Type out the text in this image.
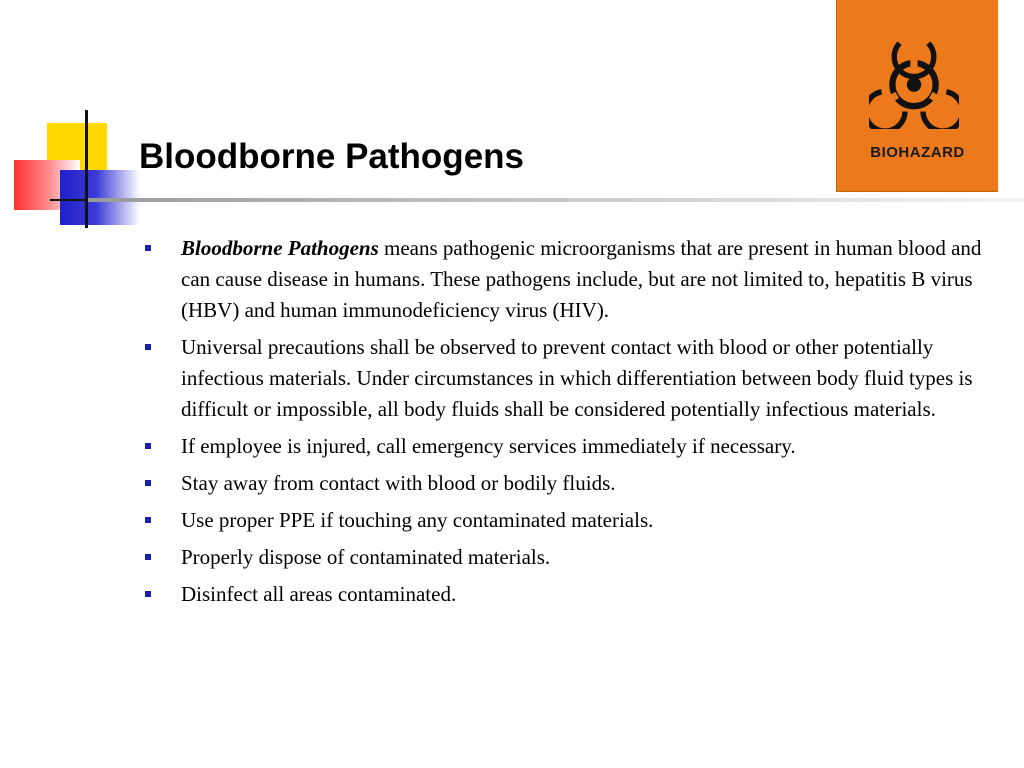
Bloodborne Pathogens	BIOHAZARD
Bloodborne Pathogens means pathogenic microorganisms that are present in human blood and can cause disease in humans. These pathogens include, but are not limited to, hepatitis B virus (HBV) and human immunodeficiency virus (HIV).
Universal precautions shall be observed to prevent contact with blood or other potentially infectious materials. Under circumstances in which differentiation between body fluid types is difficult or impossible, all body fluids shall be considered potentially infectious materials.
If employee is injured, call emergency services immediately if necessary.
Stay away from contact with blood or bodily fluids.
Use proper PPE if touching any contaminated materials.
Properly dispose of contaminated materials.
Disinfect all areas contaminated.
